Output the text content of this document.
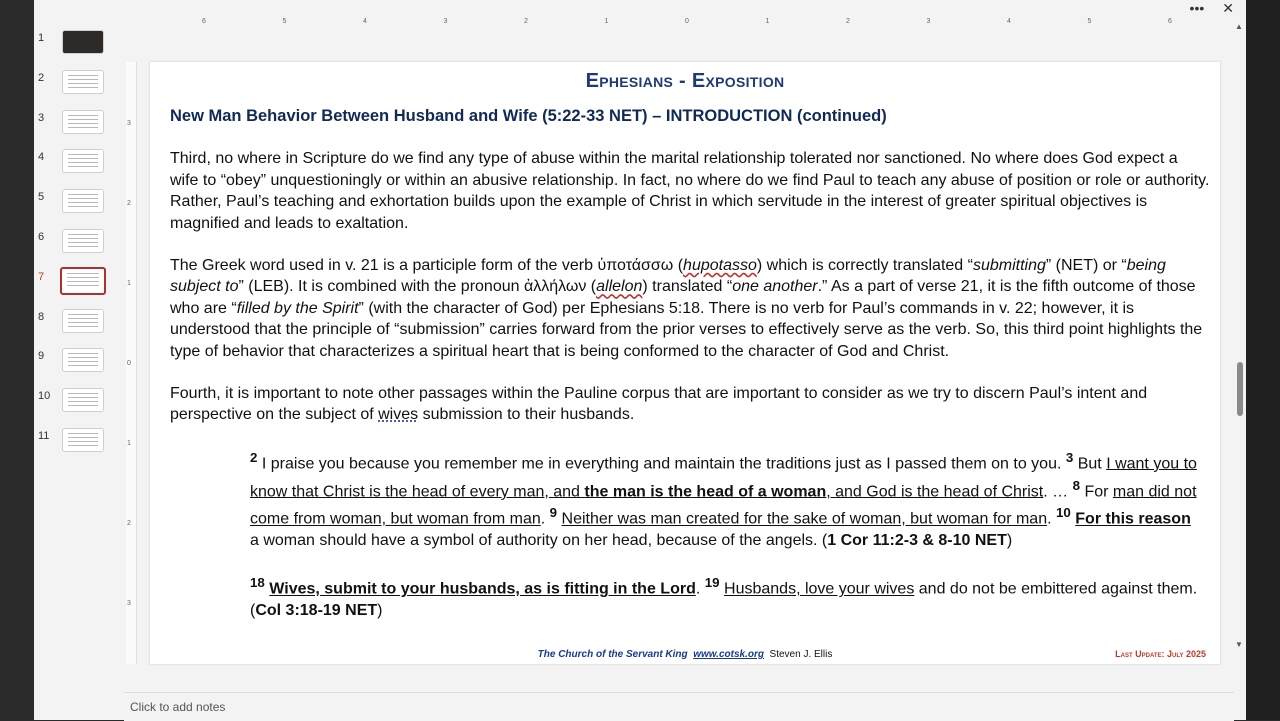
••• ✕
1
2
3
4
5
6
7
8
9
10
11
6	5	4	3	2	1	0	1	2	3	4	5	6
3
2
1
0
1
2
3
Ephesians - Exposition
New Man Behavior Between Husband and Wife (5:22-33 NET) – INTRODUCTION (continued)
Third, no where in Scripture do we find any type of abuse within the marital relationship tolerated nor sanctioned. No where does God expect a wife to “obey” unquestioningly or within an abusive relationship. In fact, no where do we find Paul to teach any abuse of position or role or authority. Rather, Paul’s teaching and exhortation builds upon the example of Christ in which servitude in the interest of greater spiritual objectives is magnified and leads to exaltation.
The Greek word used in v. 21 is a participle form of the verb ὑποτάσσω (hupotasso) which is correctly translated “submitting” (NET) or “being subject to” (LEB). It is combined with the pronoun ἀλλήλων (allelon) translated “one another.” As a part of verse 21, it is the fifth outcome of those who are “filled by the Spirit” (with the character of God) per Ephesians 5:18. There is no verb for Paul’s commands in v. 22; however, it is understood that the principle of “submission” carries forward from the prior verses to effectively serve as the verb. So, this third point highlights the type of behavior that characterizes a spiritual heart that is being conformed to the character of God and Christ.
Fourth, it is important to note other passages within the Pauline corpus that are important to consider as we try to discern Paul’s intent and perspective on the subject of wives submission to their husbands.
$^2$ I praise you because you remember me in everything and maintain the traditions just as I passed them on to you. $^3$ But I want you to know that Christ is the head of every man, and the man is the head of a woman, and God is the head of Christ. … $^8$ For man did not come from woman, but woman from man. $^9$ Neither was man created for the sake of woman, but woman for man. $^{10}$ For this reason a woman should have a symbol of authority on her head, because of the angels. (1 Cor 11:2-3 & 8-10 NET)
$^{18}$ Wives, submit to your husbands, as is fitting in the Lord. $^{19}$ Husbands, love your wives and do not be embittered against them. (Col 3:18-19 NET)
The Church of the Servant King www.cotsk.org Steven J. Ellis	Last Update: July 2025
▲
▼
Click to add notes
